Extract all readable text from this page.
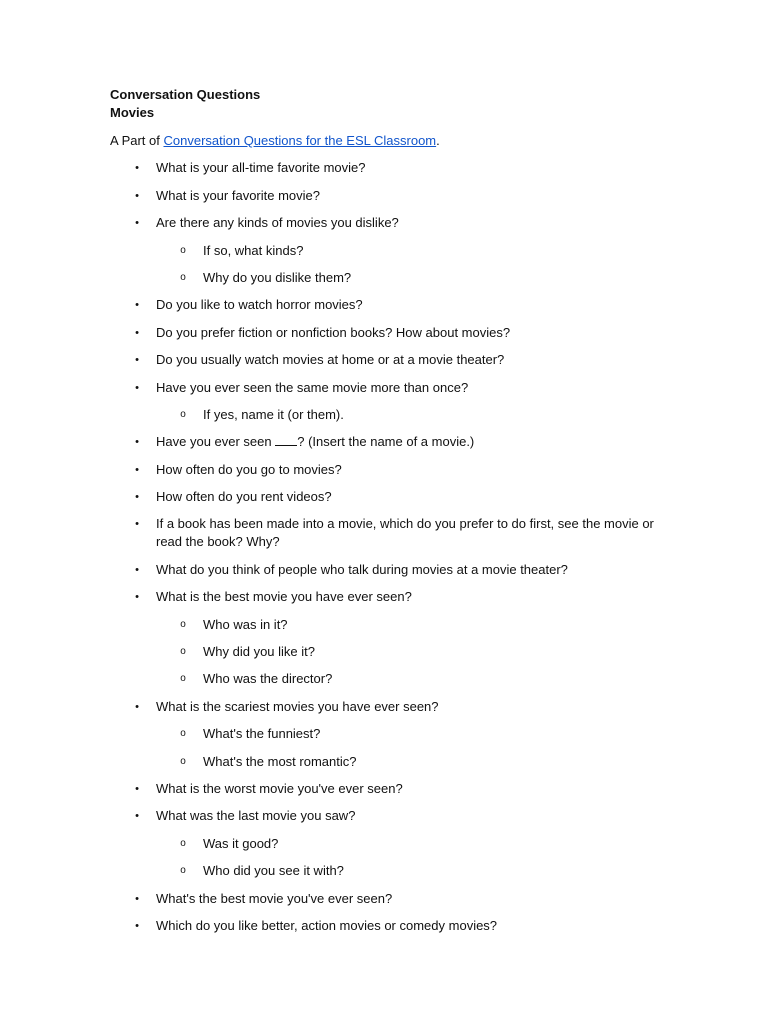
Conversation Questions
Movies
A Part of Conversation Questions for the ESL Classroom.
• What is your all-time favorite movie?
• What is your favorite movie?
• Are there any kinds of movies you dislike?
o If so, what kinds?
o Why do you dislike them?
• Do you like to watch horror movies?
• Do you prefer fiction or nonfiction books? How about movies?
• Do you usually watch movies at home or at a movie theater?
• Have you ever seen the same movie more than once?
o If yes, name it (or them).
• Have you ever seen ? (Insert the name of a movie.)
• How often do you go to movies?
• How often do you rent videos?
• If a book has been made into a movie, which do you prefer to do first, see the movie or read the book? Why?
• What do you think of people who talk during movies at a movie theater?
• What is the best movie you have ever seen?
o Who was in it?
o Why did you like it?
o Who was the director?
• What is the scariest movies you have ever seen?
o What's the funniest?
o What's the most romantic?
• What is the worst movie you've ever seen?
• What was the last movie you saw?
o Was it good?
o Who did you see it with?
• What's the best movie you've ever seen?
• Which do you like better, action movies or comedy movies?
